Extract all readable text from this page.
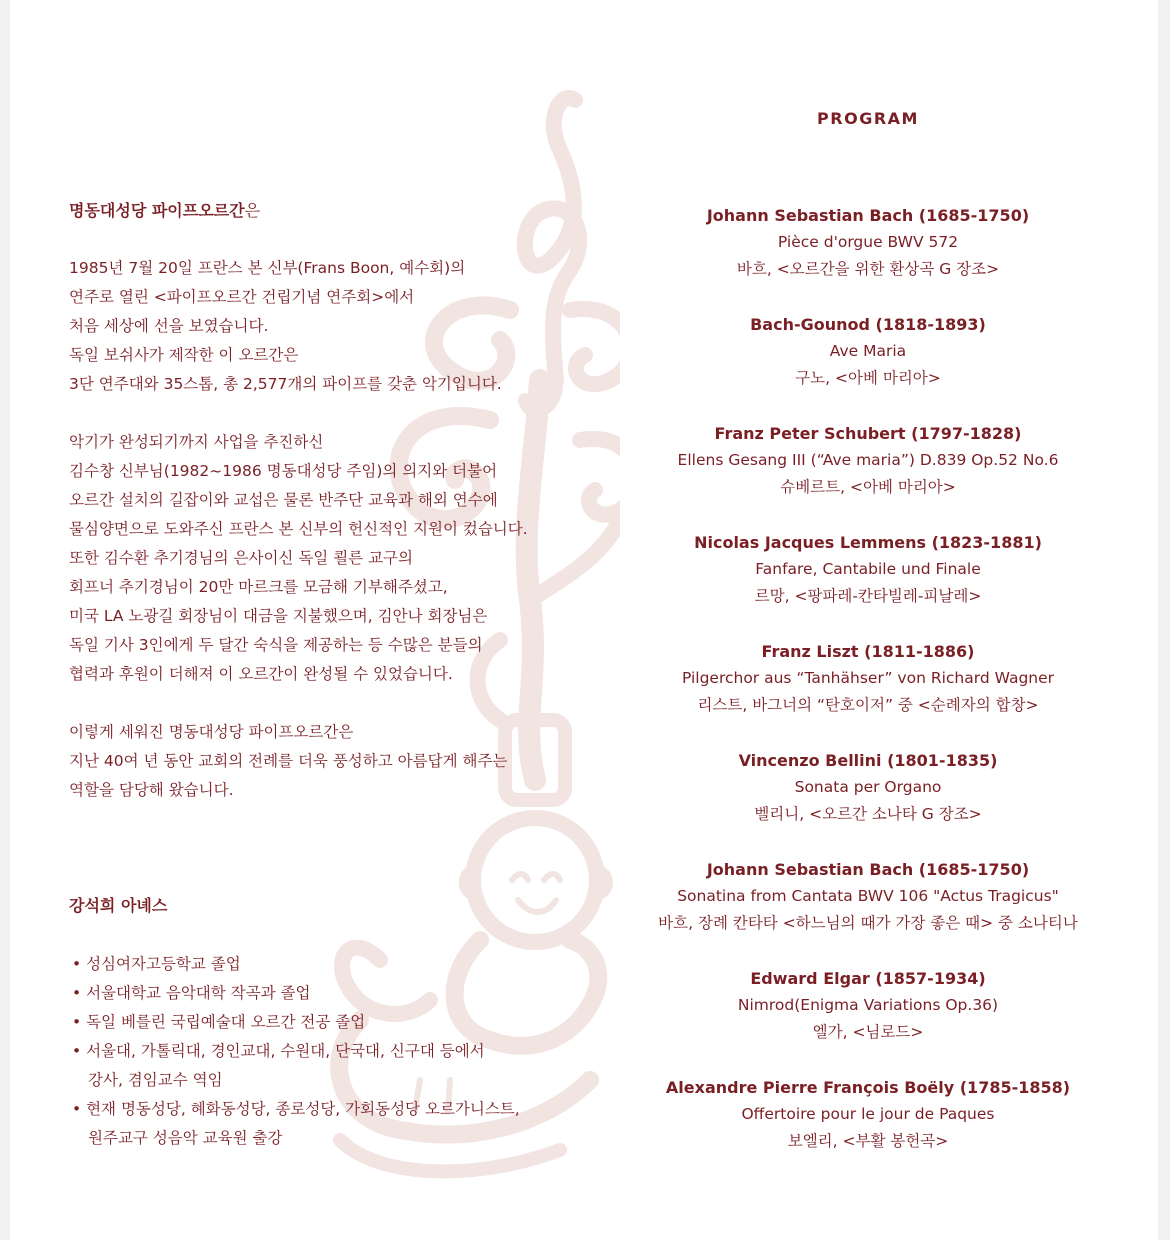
명동대성당 파이프오르간은

1985년 7월 20일 프란스 본 신부(Frans Boon, 예수회)의

연주로 열린 <파이프오르간 건립기념 연주회>에서

처음 세상에 선을 보였습니다.

독일 보쉬사가 제작한 이 오르간은

3단 연주대와 35스톱, 총 2,577개의 파이프를 갖춘 악기입니다.

악기가 완성되기까지 사업을 추진하신

김수창 신부님(1982~1986 명동대성당 주임)의 의지와 더불어

오르간 설치의 길잡이와 교섭은 물론 반주단 교육과 해외 연수에

물심양면으로 도와주신 프란스 본 신부의 헌신적인 지원이 컸습니다.

또한 김수환 추기경님의 은사이신 독일 쾰른 교구의

회프너 추기경님이 20만 마르크를 모금해 기부해주셨고,

미국 LA 노광길 회장님이 대금을 지불했으며, 김안나 회장님은

독일 기사 3인에게 두 달간 숙식을 제공하는 등 수많은 분들의

협력과 후원이 더해져 이 오르간이 완성될 수 있었습니다.

이렇게 세워진 명동대성당 파이프오르간은

지난 40여 년 동안 교회의 전례를 더욱 풍성하고 아름답게 해주는

역할을 담당해 왔습니다.

강석희 아녜스
• 성심여자고등학교 졸업
• 서울대학교 음악대학 작곡과 졸업
• 독일 베를린 국립예술대 오르간 전공 졸업
• 서울대, 가톨릭대, 경인교대, 수원대, 단국대, 신구대 등에서
강사, 겸임교수 역임
• 현재 명동성당, 혜화동성당, 종로성당, 가회동성당 오르가니스트,
원주교구 성음악 교육원 출강
PROGRAM
Johann Sebastian Bach (1685-1750)
Pièce d'orgue BWV 572
바흐, <오르간을 위한 환상곡 G 장조>
Bach-Gounod (1818-1893)
Ave Maria
구노, <아베 마리아>
Franz Peter Schubert (1797-1828)
Ellens Gesang III (“Ave maria”) D.839 Op.52 No.6
슈베르트, <아베 마리아>
Nicolas Jacques Lemmens (1823-1881)
Fanfare, Cantabile und Finale
르망, <팡파레-칸타빌레-피날레>
Franz Liszt (1811-1886)
Pilgerchor aus “Tanhähser” von Richard Wagner
리스트, 바그너의 “탄호이저” 중 <순례자의 합창>
Vincenzo Bellini (1801-1835)
Sonata per Organo
벨리니, <오르간 소나타 G 장조>
Johann Sebastian Bach (1685-1750)
Sonatina from Cantata BWV 106 "Actus Tragicus"
바흐, 장례 칸타타 <하느님의 때가 가장 좋은 때> 중 소나티나
Edward Elgar (1857-1934)
Nimrod(Enigma Variations Op.36)
엘가, <님로드>
Alexandre Pierre François Boëly (1785-1858)
Offertoire pour le jour de Paques
보엘리, <부활 봉헌곡>
